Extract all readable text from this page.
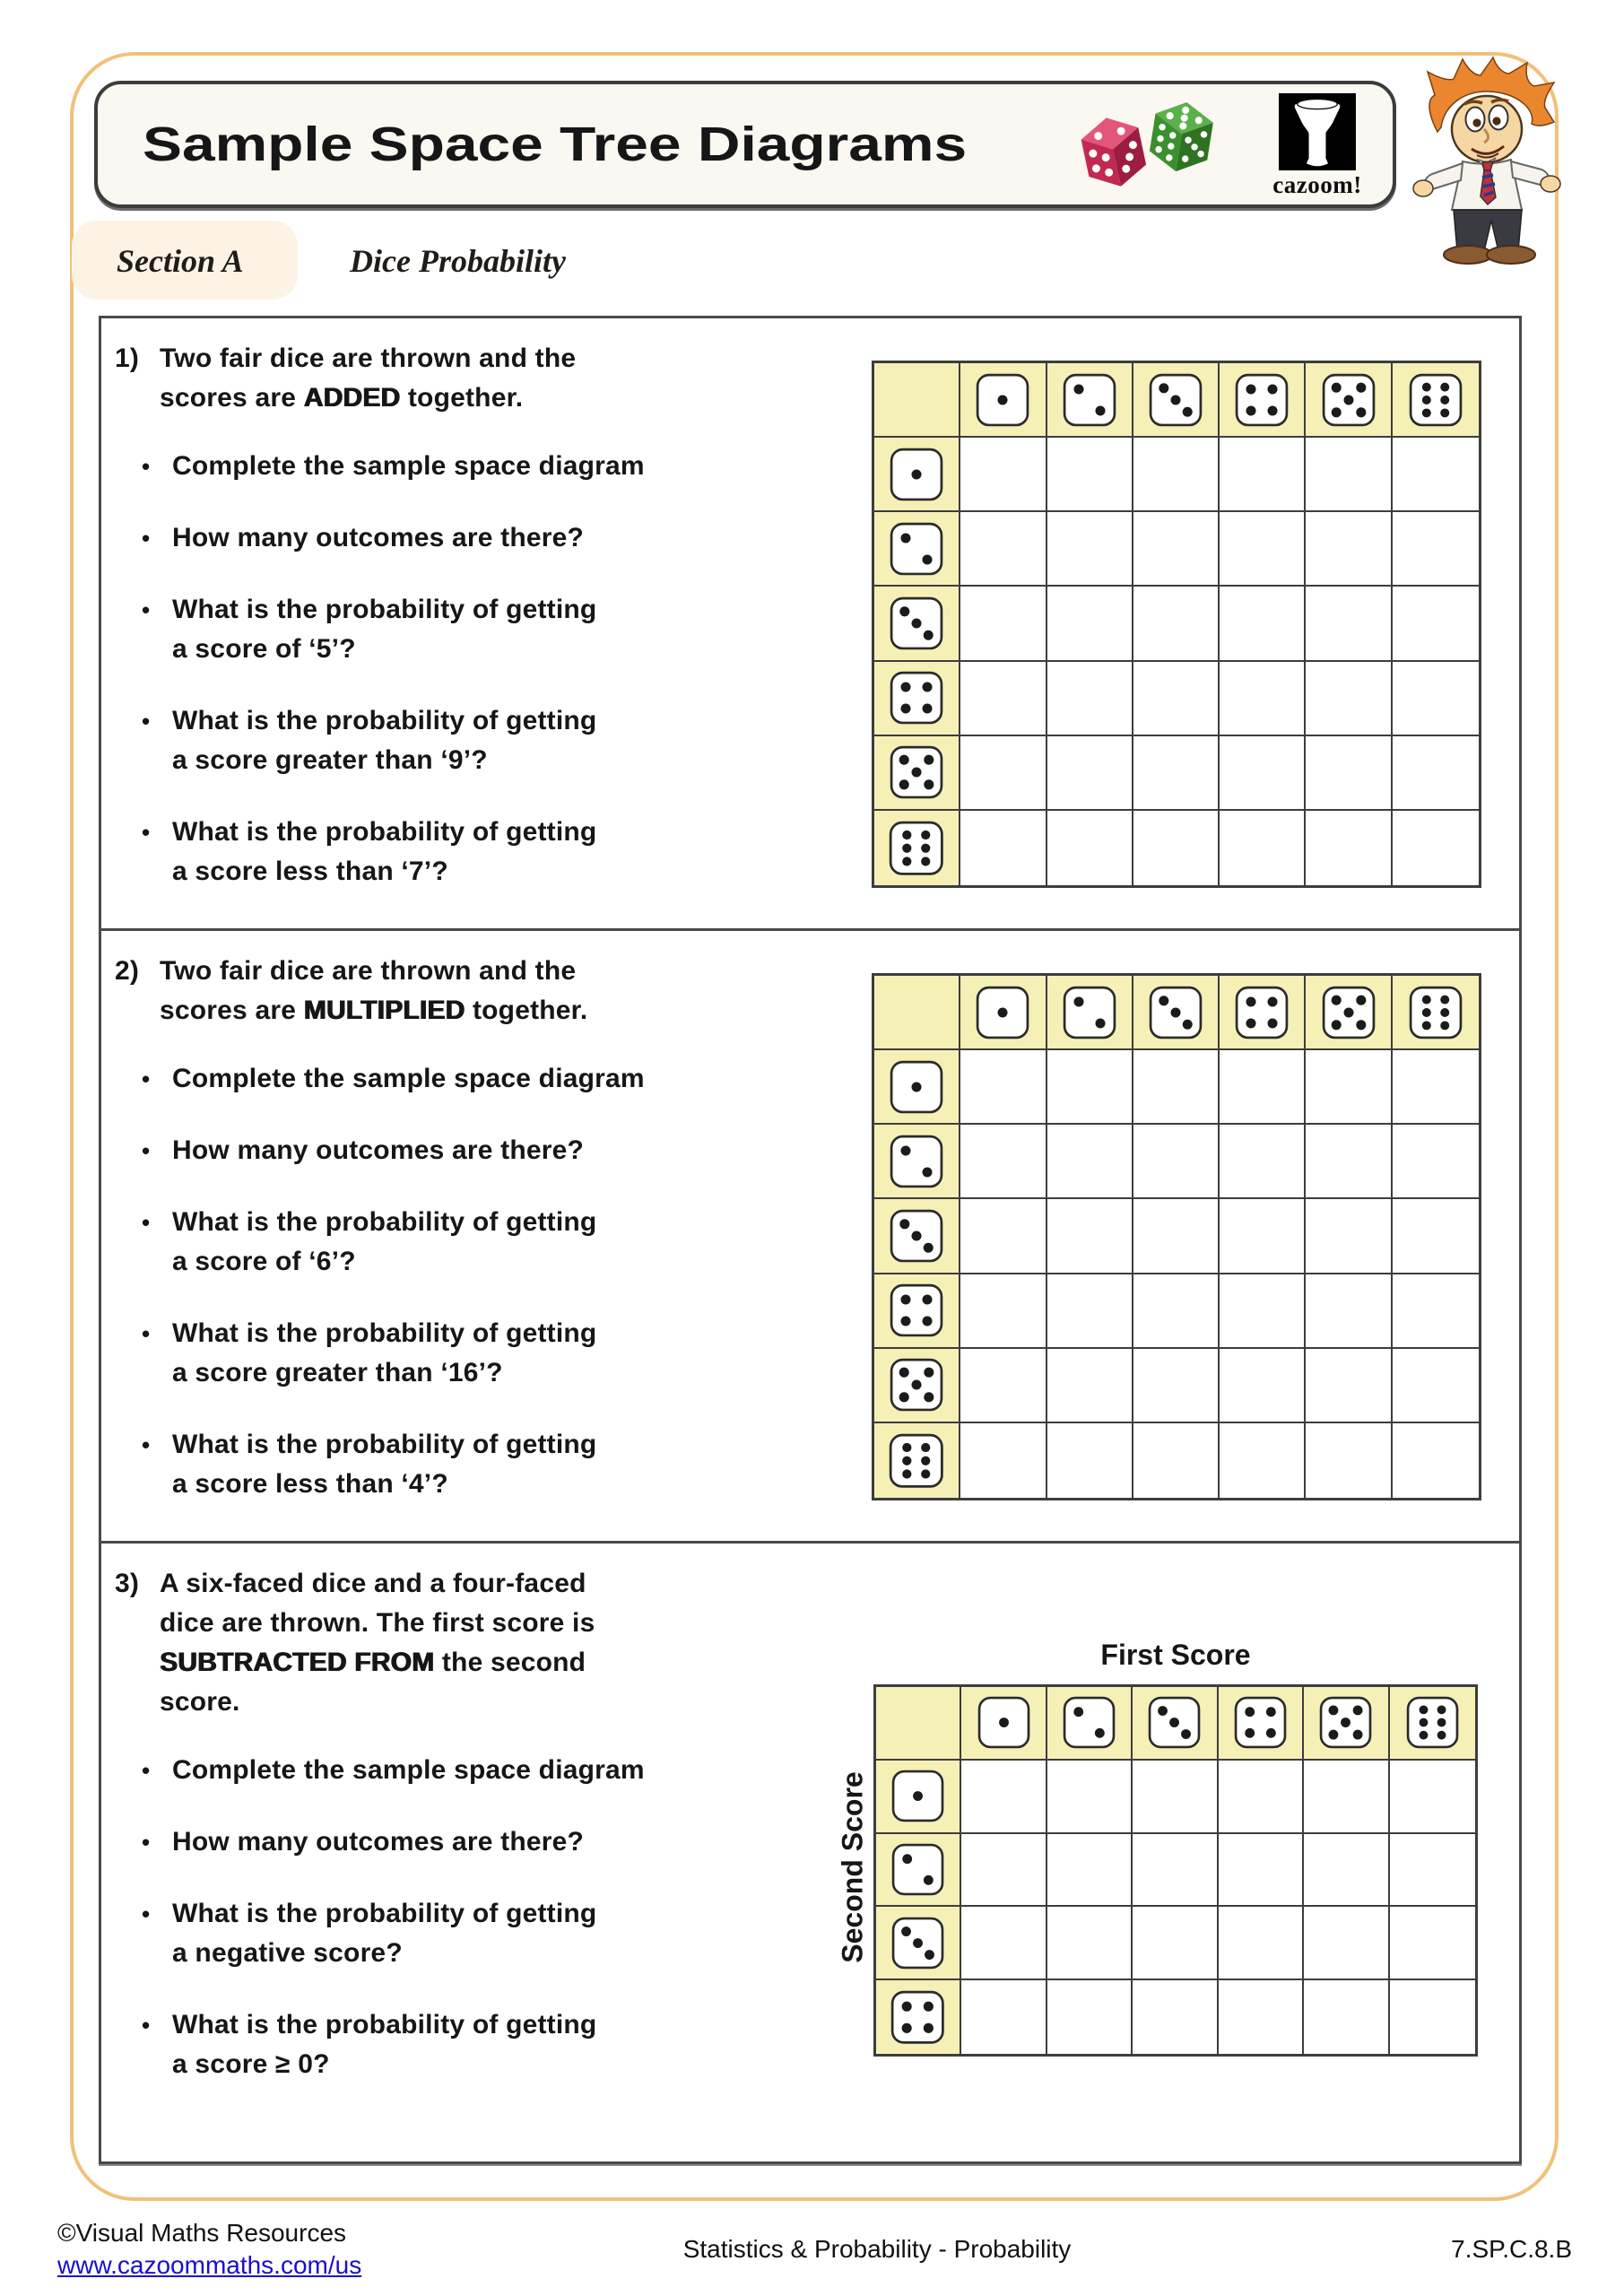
Sample Space Tree Diagrams
cazoom!
Section A	Dice Probability
1) Two fair dice are thrown and the
scores are ADDED together.
• Complete the sample space diagram
• How many outcomes are there?
• What is the probability of getting
a score of ‘5’?
• What is the probability of getting
a score greater than ‘9’?
• What is the probability of getting
a score less than ‘7’?
2) Two fair dice are thrown and the
scores are MULTIPLIED together.
• Complete the sample space diagram
• How many outcomes are there?
• What is the probability of getting
a score of ‘6’?
• What is the probability of getting
a score greater than ‘16’?
• What is the probability of getting
a score less than ‘4’?
3) A six-faced dice and a four-faced
dice are thrown. The first score is
SUBTRACTED FROM the second
score.
• Complete the sample space diagram
• How many outcomes are there?
• What is the probability of getting
a negative score?
• What is the probability of getting
a score ≥ 0?
First Score
Second Score
©Visual Maths Resources
www.cazoommaths.com/us
Statistics & Probability - Probability	7.SP.C.8.B
